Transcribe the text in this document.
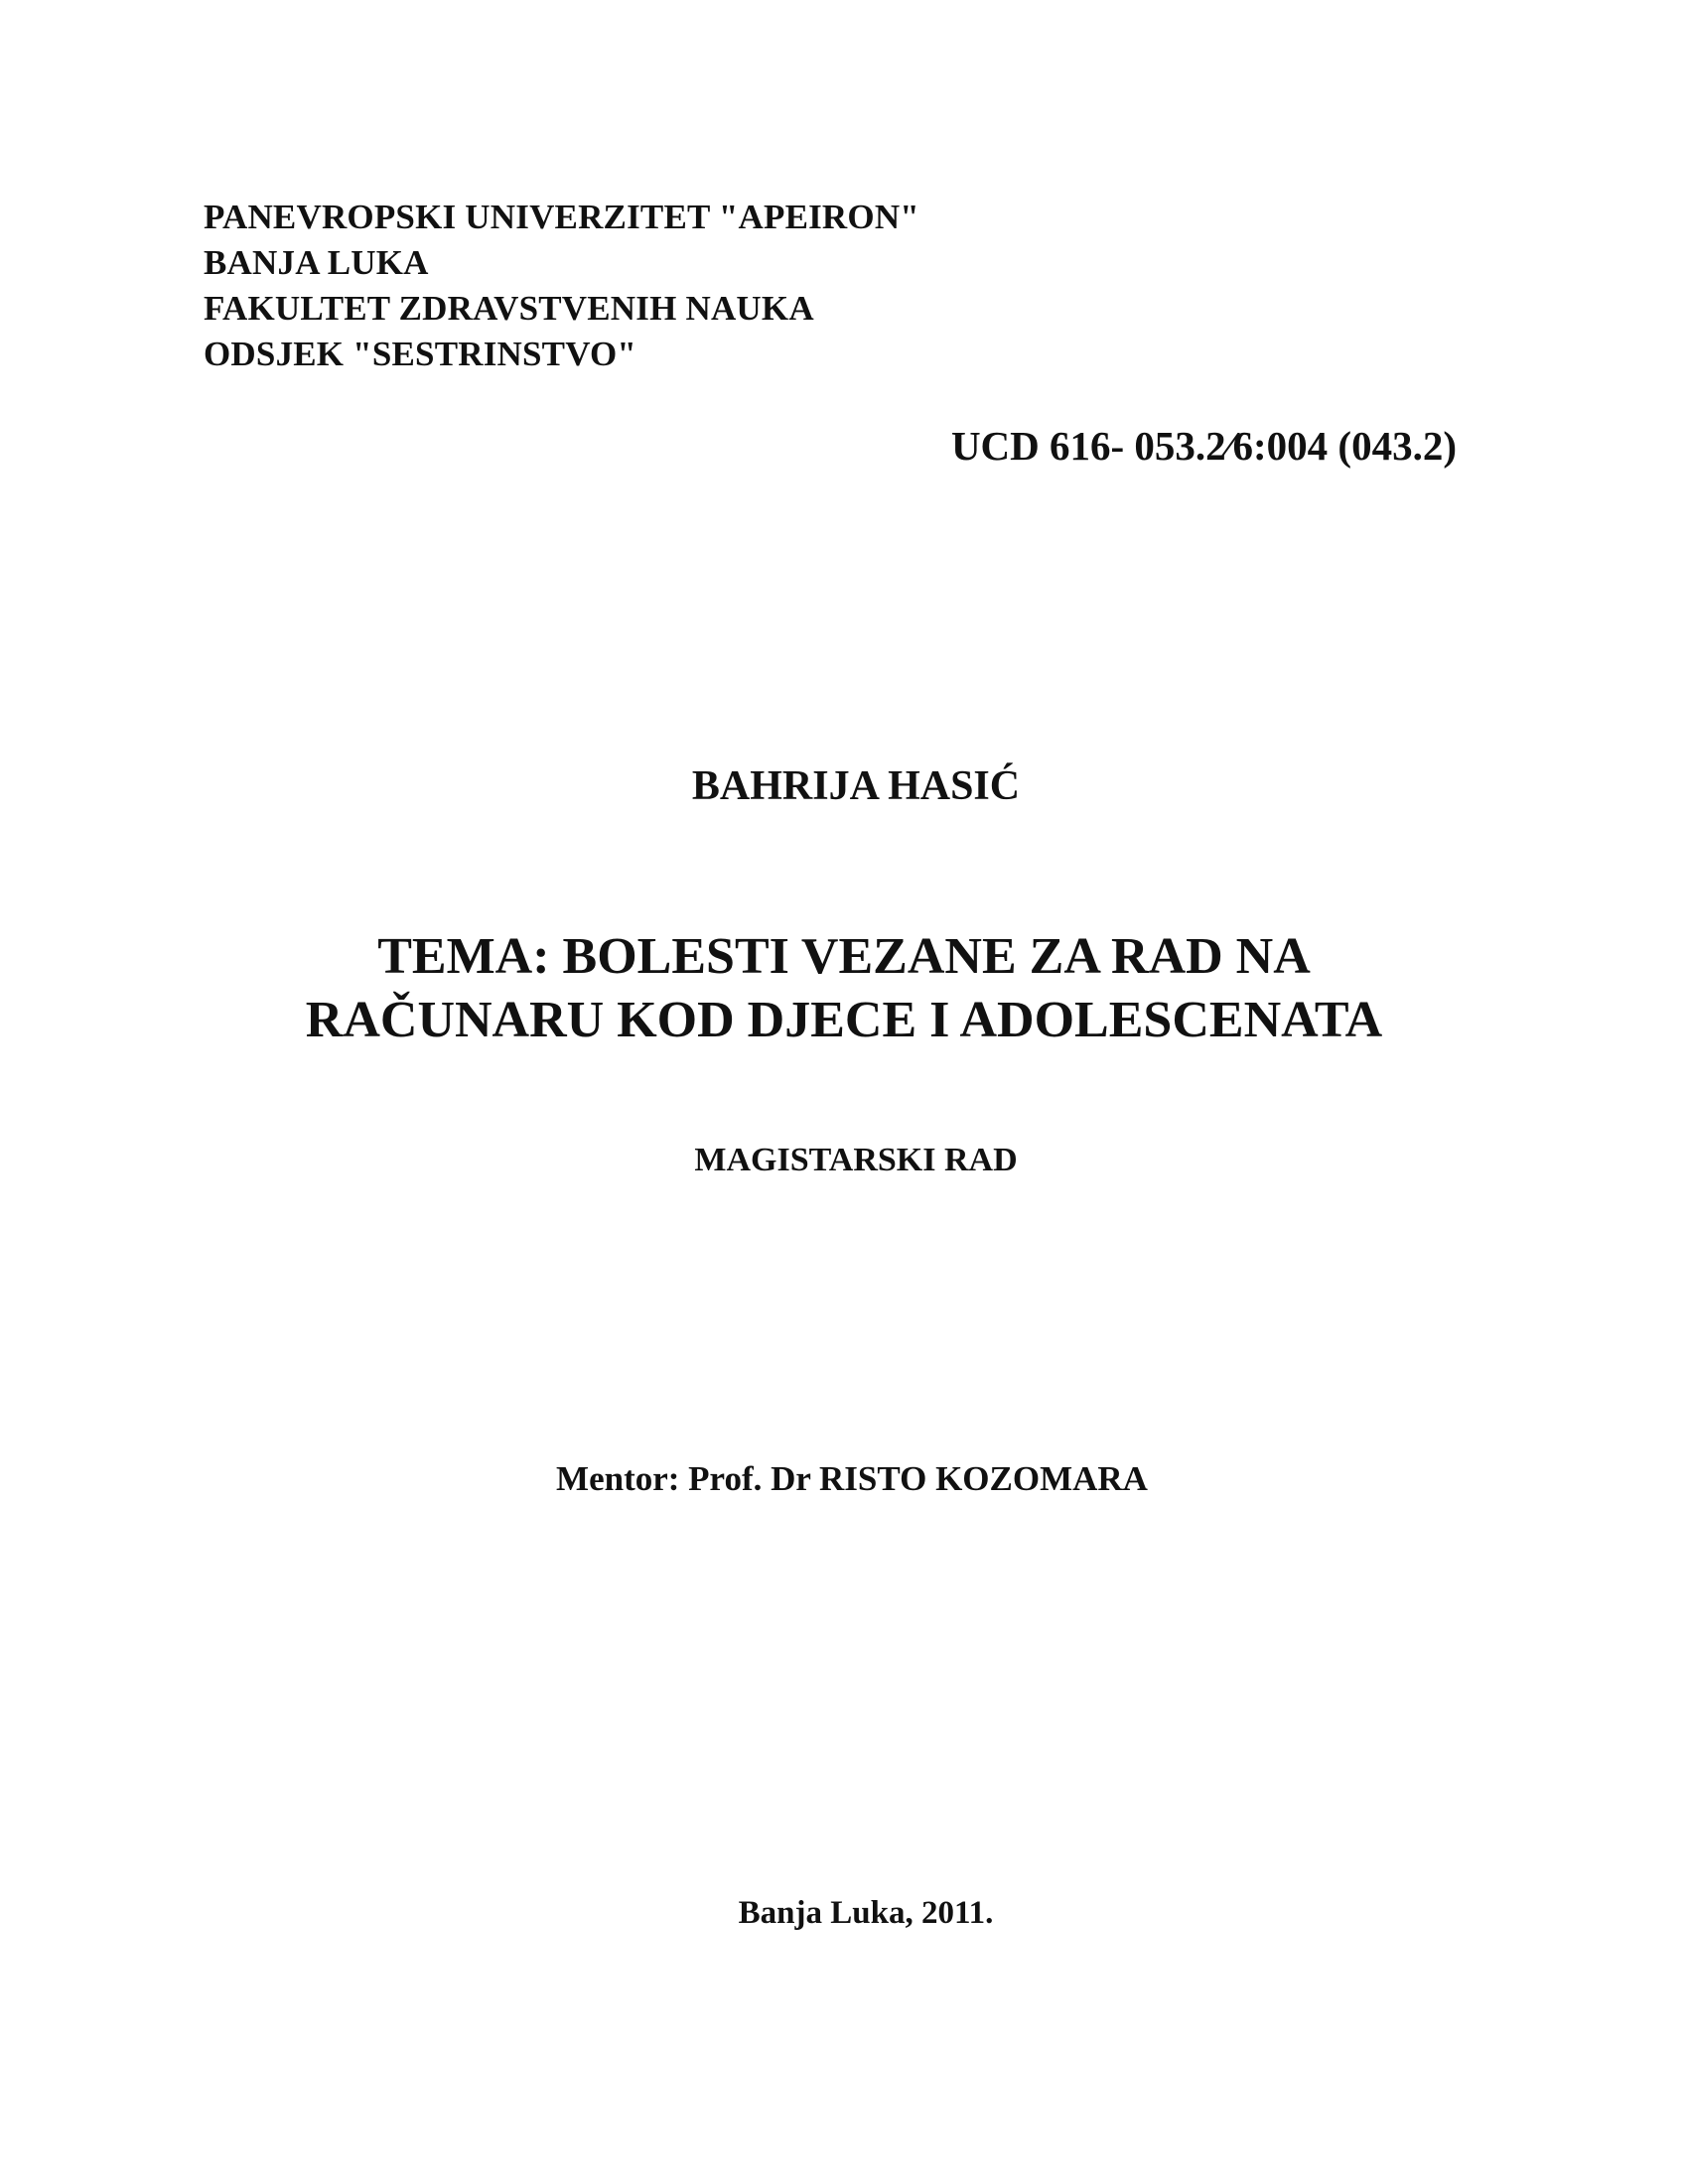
PANEVROPSKI UNIVERZITET "APEIRON"
BANJA LUKA
FAKULTET ZDRAVSTVENIH NAUKA
ODSJEK "SESTRINSTVO"
UCD 616- 053.2⁄6:004 (043.2)
BAHRIJA HASIĆ
TEMA: BOLESTI VEZANE ZA RAD NA
RAČUNARU KOD DJECE I ADOLESCENATA
MAGISTARSKI RAD
Mentor: Prof. Dr RISTO KOZOMARA
Banja Luka, 2011.
